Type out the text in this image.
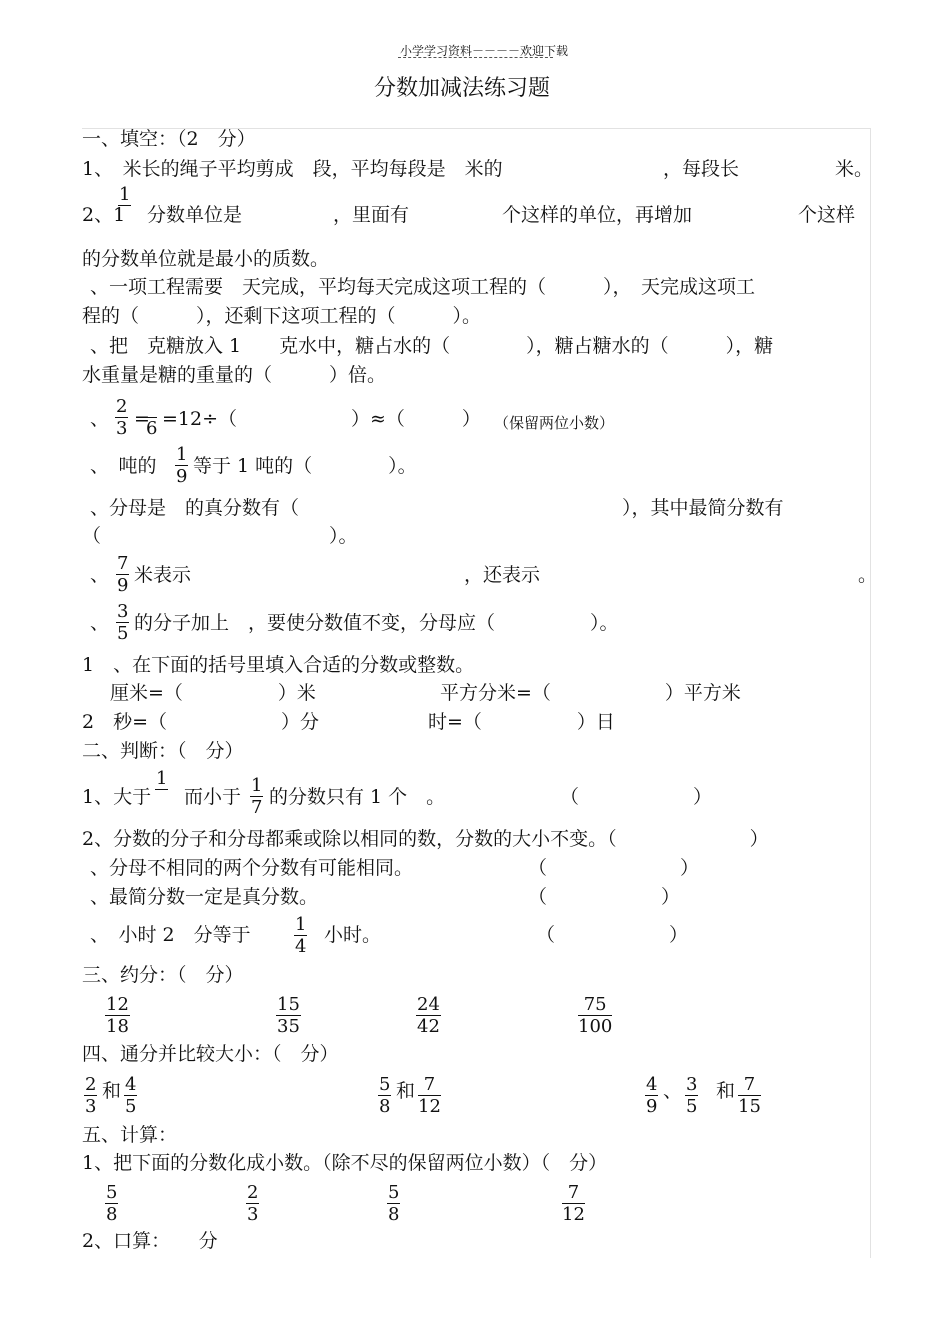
小学学习资料－－－－欢迎下载
分数加减法练习题
一、填空：（2　分）
1、　米长的绳子平均剪成　段，平均每段是　米的	，每段长	米。
2、1
1

分数单位是	，里面有	个这样的单位，再增加	个这样
的分数单位就是最小的质数。
、一项工程需要　天完成，平均每天完成这项工程的（　　　），　天完成这项工
程的（　　　），还剩下这项工程的（　　　）。
、把　克糖放入 1　　克水中，糖占水的（　　　　），糖占糖水的（　　　），糖
水重量是糖的重量的（　　　）倍。
、 $\frac{2}{3}$ =

6 =12÷（　　　　　　）≈（　　　） （保留两位小数）
、　吨的 $\frac{1}{9}$ 等于 1 吨的（　　　　）。
、分母是　的真分数有（　　　　　　　　　　　　　　　　　），其中最简分数有
（　　　　　　　　　　　　）。
、 $\frac{7}{9}$ 米表示	，还表示	。
、 $\frac{3}{5}$ 的分子加上　，要使分数值不变，分母应（　　　　　）。
1　、在下面的括号里填入合适的分数或整数。
厘米=（　　　　　）米	平方分米=（　　　　　　）平方米
2　秒=（　　　　　　）分	时=（　　　　　）日
二、判断：（　分）
1、大于
1

而小于 $\frac{1}{7}$ 的分数只有 1 个　。	（　　　　　　）
2、分数的分子和分母都乘或除以相同的数，分数的大小不变。（　　　　　　　）
、分母不相同的两个分数有可能相同。	（　　　　　　　）
、最简分数一定是真分数。	（　　　　　　）
、　小时 2　分等于 $\frac{1}{4}$ 小时。	（　　　　　　）
三、约分：（　分）
$\frac{12}{18}$	$\frac{15}{35}$	$\frac{24}{42}$	$\frac{75}{100}$
四、通分并比较大小：（　分）
$\frac{2}{3}$ 和 $\frac{4}{5}$	$\frac{5}{8}$ 和 $\frac{7}{12}$	$\frac{4}{9}$ 、 $\frac{3}{5}$ 和 $\frac{7}{15}$
五、计算：
1、把下面的分数化成小数。（除不尽的保留两位小数）（　分）
$\frac{5}{8}$	$\frac{2}{3}$	$\frac{5}{8}$	$\frac{7}{12}$
2、口算：　　分
